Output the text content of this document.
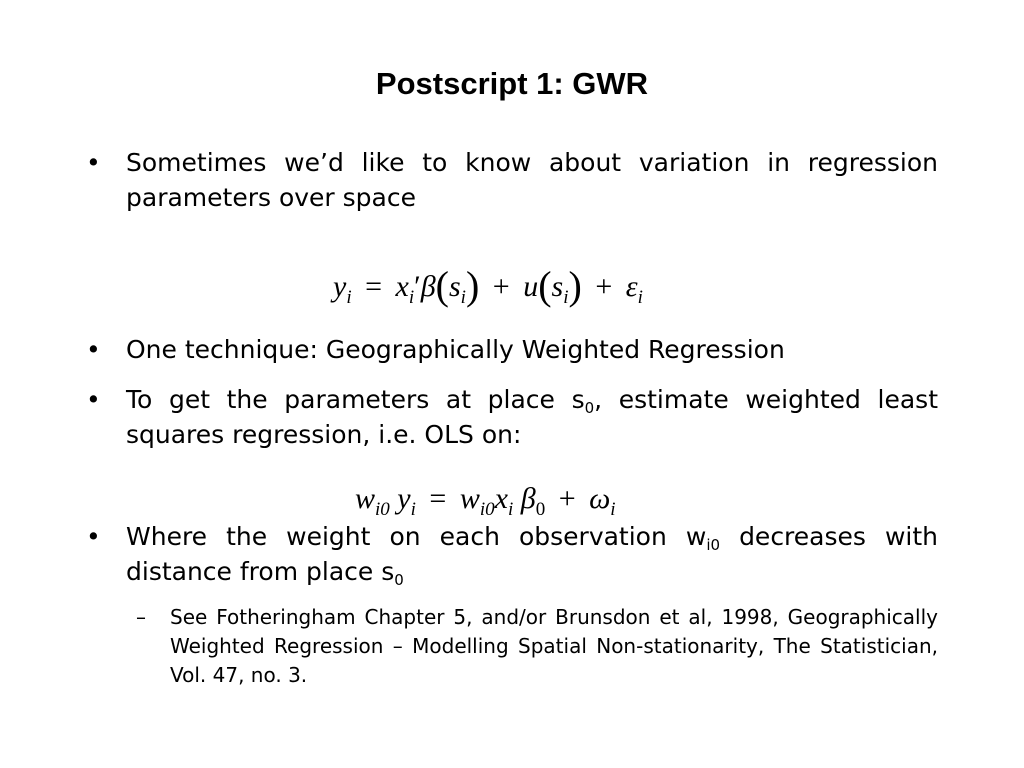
Postscript 1: GWR
• Sometimes we’d like to know about variation in regression parameters over space
$y_i = x_i'\beta(s_i) + u(s_i) + \varepsilon_i$
• One technique: Geographically Weighted Regression
• To get the parameters at place $s_0$, estimate weighted least squares regression, i.e. OLS on:
$w_{i0}$ $y_i = w_{i0}x_i$ $\beta_0 + \omega_i$
• Where the weight on each observation $w_{i0}$ decreases with distance from place $s_0$
– See Fotheringham Chapter 5, and/or Brunsdon et al, 1998, Geographically Weighted Regression – Modelling Spatial Non-stationarity, The Statistician, Vol. 47, no. 3.
